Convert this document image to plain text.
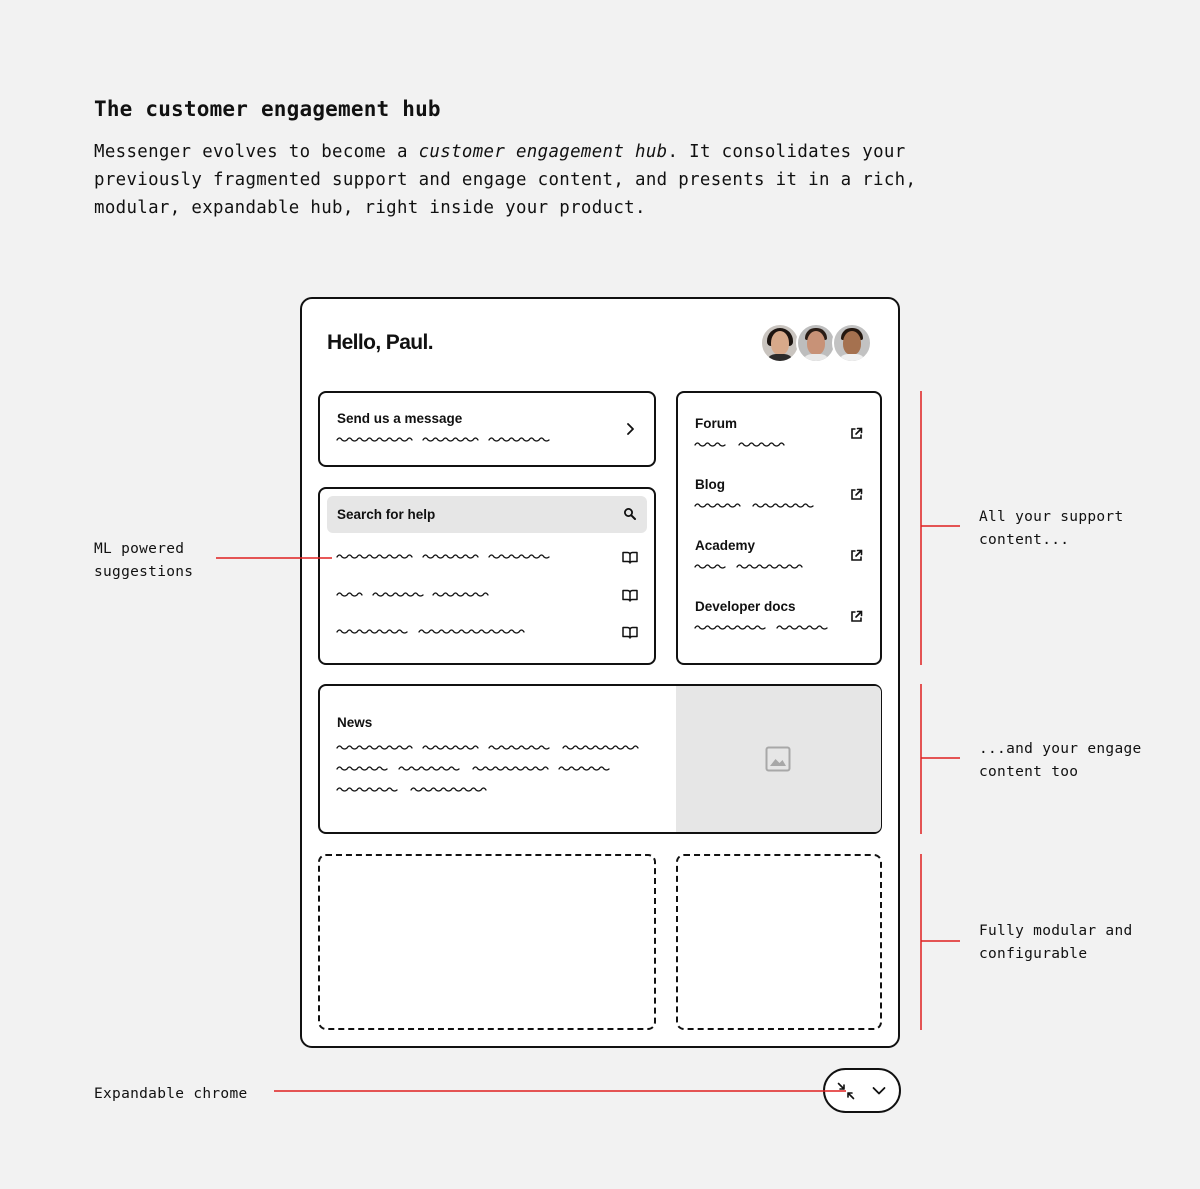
The customer engagement hub

Messenger evolves to become a customer engagement hub. It consolidates your previously fragmented support and engage content, and presents it in a rich, modular, expandable hub, right inside your product.

Hello, Paul.
Send us a message
Search for help
Forum
Blog
Academy
Developer docs
News

ML powered
suggestions

All your support
content...

...and your engage
content too

Fully modular and
configurable

Expandable chrome
